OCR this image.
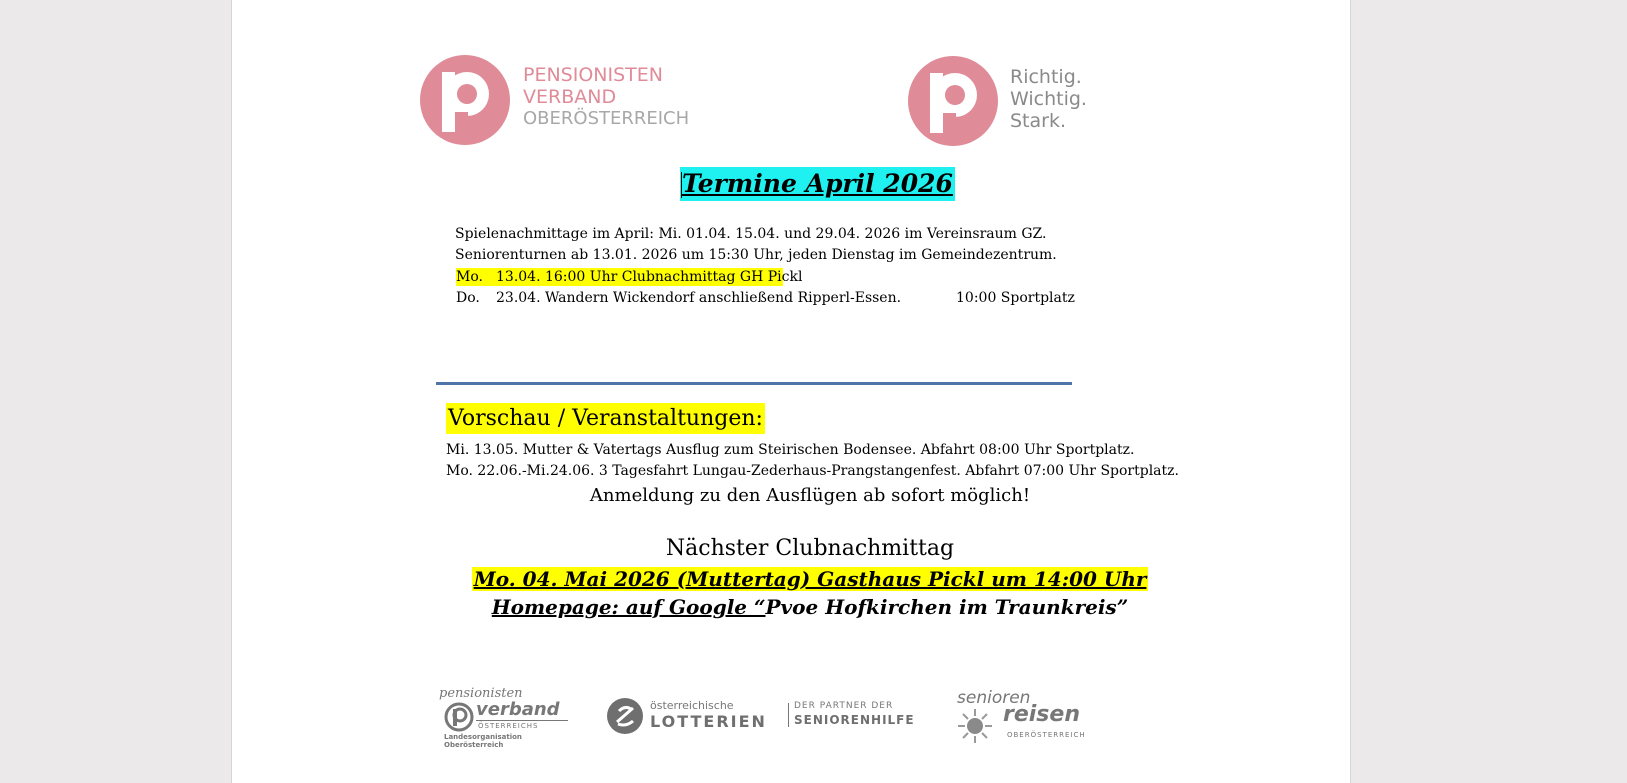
PENSIONISTEN
VERBAND
OBERÖSTERREICH
Richtig.
Wichtig.
Stark.
Termine April 2026
Spielenachmittage im April: Mi. 01.04. 15.04. und 29.04. 2026 im Vereinsraum GZ.
Seniorenturnen ab 13.01. 2026 um 15:30 Uhr, jeden Dienstag im Gemeindezentrum.
Mo. 13.04. 16:00 Uhr Clubnachmittag GH Pickl
Do. 23.04. Wandern Wickendorf anschließend Ripperl-Essen.	10:00 Sportplatz
Vorschau / Veranstaltungen:
Mi. 13.05. Mutter & Vatertags Ausflug zum Steirischen Bodensee. Abfahrt 08:00 Uhr Sportplatz.
Mo. 22.06.-Mi.24.06. 3 Tagesfahrt Lungau-Zederhaus-Prangstangenfest. Abfahrt 07:00 Uhr Sportplatz.
Anmeldung zu den Ausflügen ab sofort möglich!
Nächster Clubnachmittag
Mo. 04. Mai 2026 (Muttertag) Gasthaus Pickl um 14:00 Uhr
Homepage: auf Google “Pvoe Hofkirchen im Traunkreis”
pensionisten
verband
ÖSTERREICHS
Landesorganisation Oberösterreich
österreichische
LOTTERIEN
DER PARTNER DER
SENIORENHILFE
senioren
reisen
OBERÖSTERREICH
